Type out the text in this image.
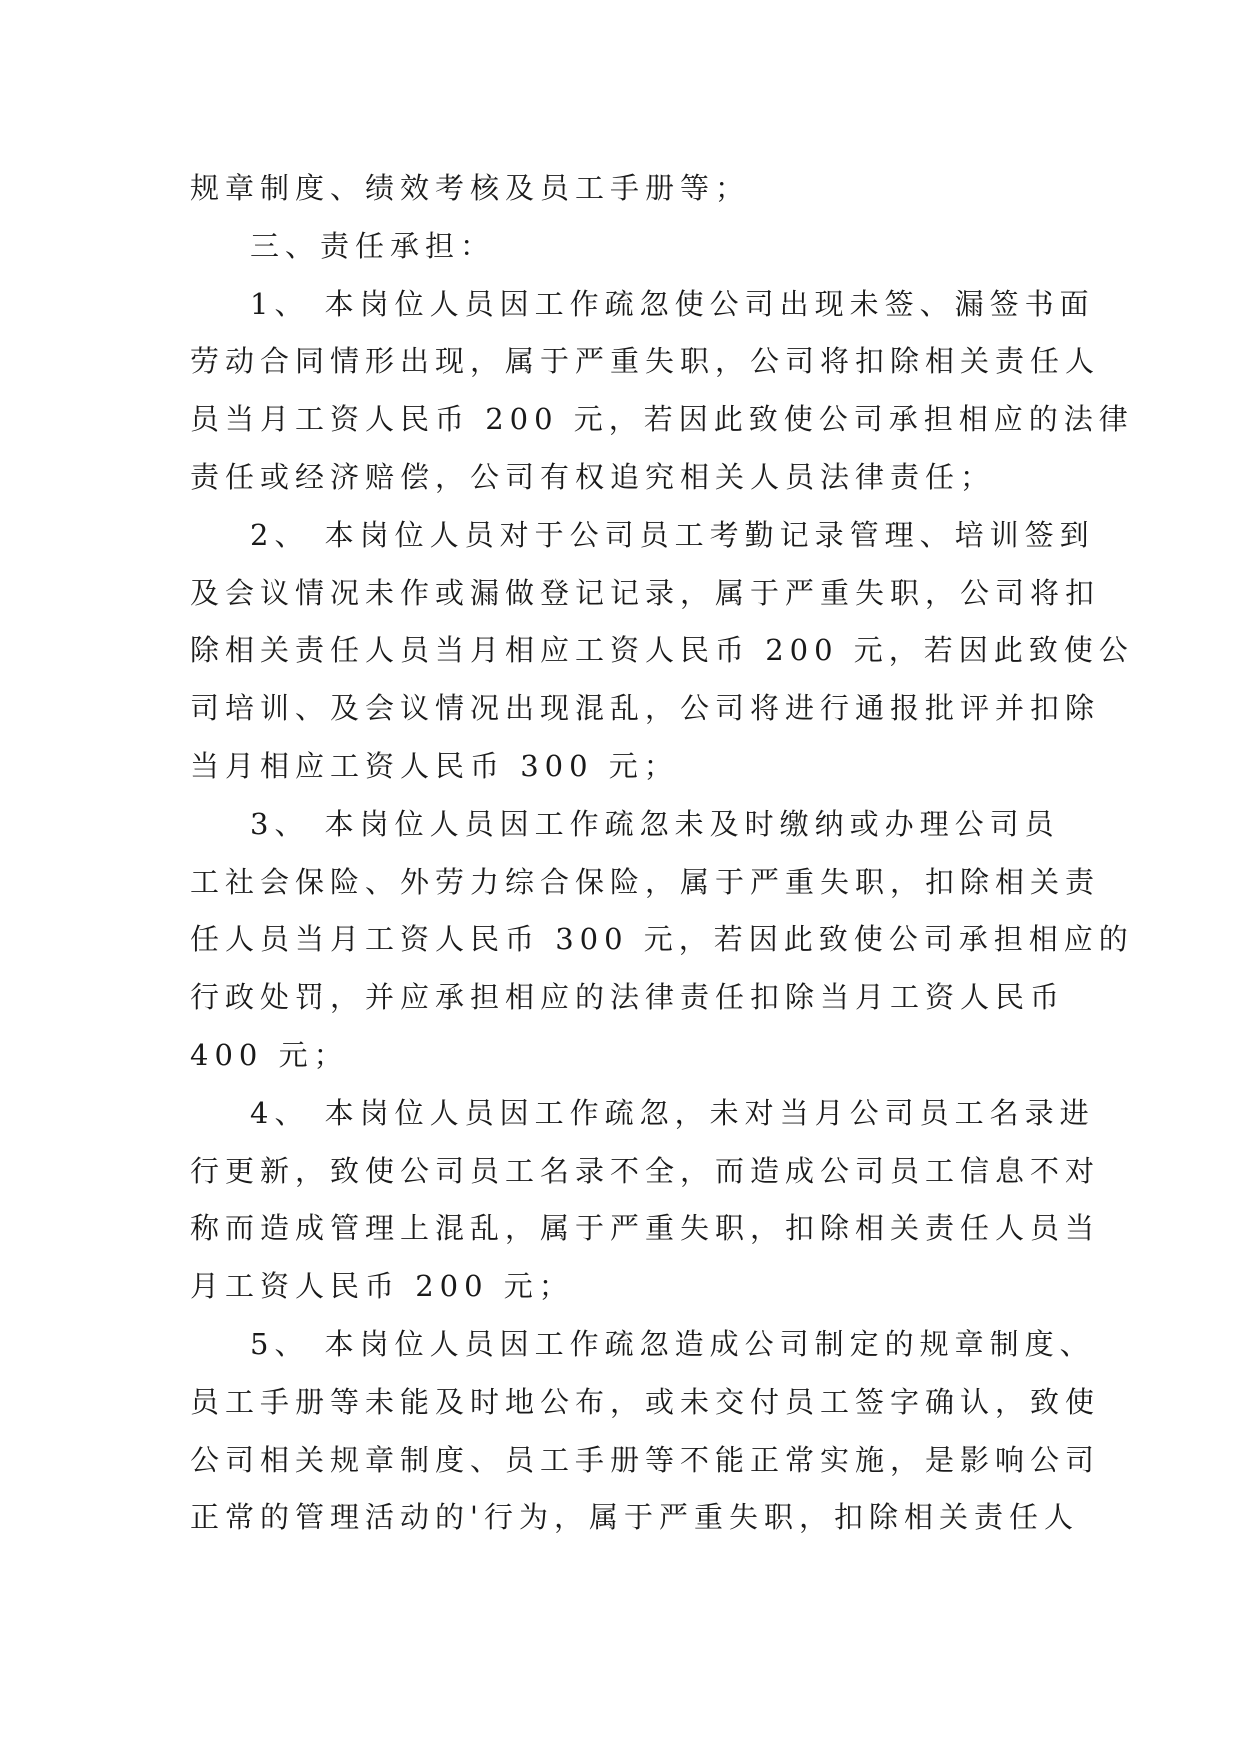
规章制度、绩效考核及员工手册等；
三、责任承担：
1、 本岗位人员因工作疏忽使公司出现未签、漏签书面
劳动合同情形出现，属于严重失职，公司将扣除相关责任人
员当月工资人民币 200 元，若因此致使公司承担相应的法律
责任或经济赔偿，公司有权追究相关人员法律责任；
2、 本岗位人员对于公司员工考勤记录管理、培训签到
及会议情况未作或漏做登记记录，属于严重失职，公司将扣
除相关责任人员当月相应工资人民币 200 元，若因此致使公
司培训、及会议情况出现混乱，公司将进行通报批评并扣除
当月相应工资人民币 300 元；
3、 本岗位人员因工作疏忽未及时缴纳或办理公司员
工社会保险、外劳力综合保险，属于严重失职，扣除相关责
任人员当月工资人民币 300 元，若因此致使公司承担相应的
行政处罚，并应承担相应的法律责任扣除当月工资人民币
400 元；
4、 本岗位人员因工作疏忽，未对当月公司员工名录进
行更新，致使公司员工名录不全，而造成公司员工信息不对
称而造成管理上混乱，属于严重失职，扣除相关责任人员当
月工资人民币 200 元；
5、 本岗位人员因工作疏忽造成公司制定的规章制度、
员工手册等未能及时地公布，或未交付员工签字确认，致使
公司相关规章制度、员工手册等不能正常实施，是影响公司
正常的管理活动的'行为，属于严重失职，扣除相关责任人
